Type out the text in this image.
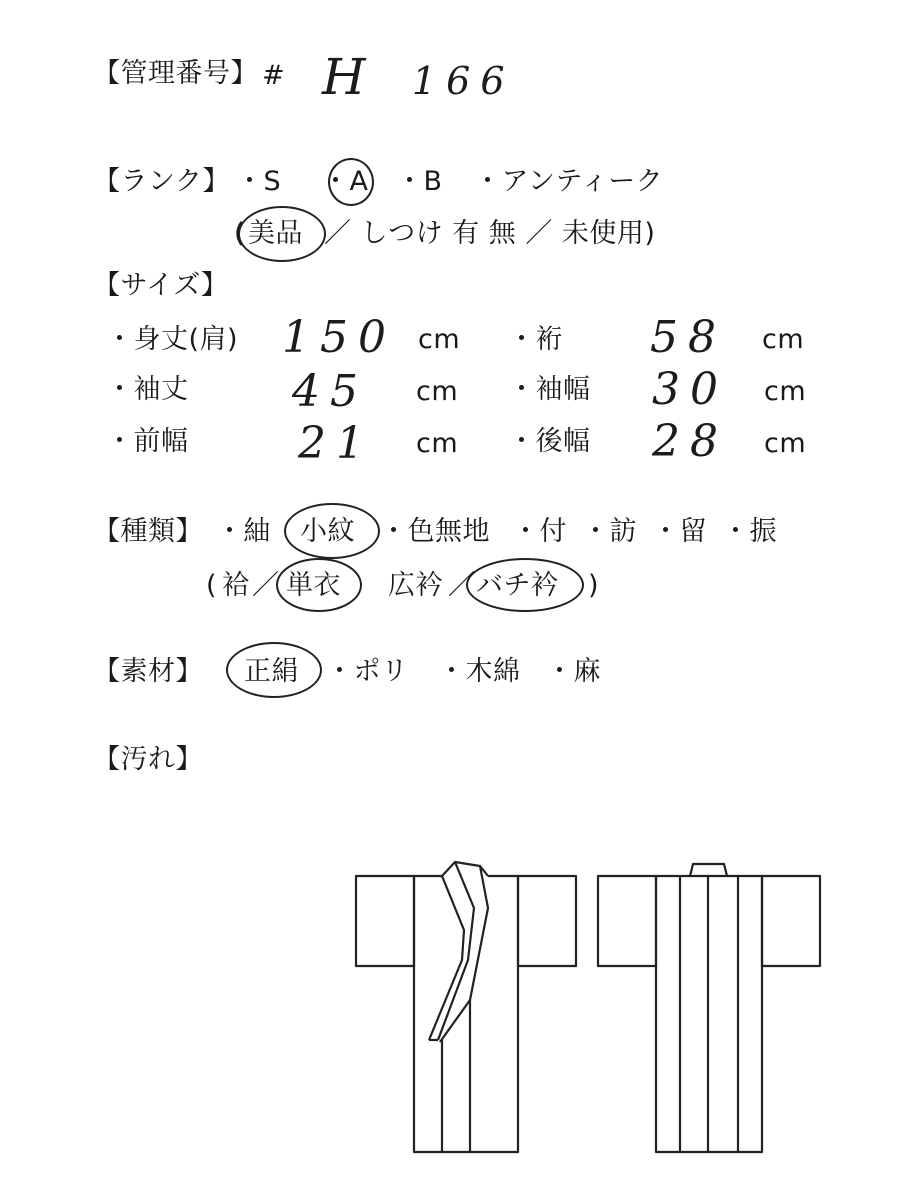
【管理番号】 # H 166
【ランク】 ・S ・A ・B ・アンティーク
( 美品 ／ しつけ 有 無 ／ 未使用)
【サイズ】
・身丈(肩) 150 cm ・裄 58 cm
・袖丈 45 cm ・袖幅 30 cm
・前幅 21 cm ・後幅 28 cm
【種類】 ・紬 小紋 ・色無地 ・付 ・訪 ・留 ・振
( 袷 ／ 単衣 広衿 ／ バチ衿 )
【素材】 正絹 ・ポリ ・木綿 ・麻
【汚れ】
